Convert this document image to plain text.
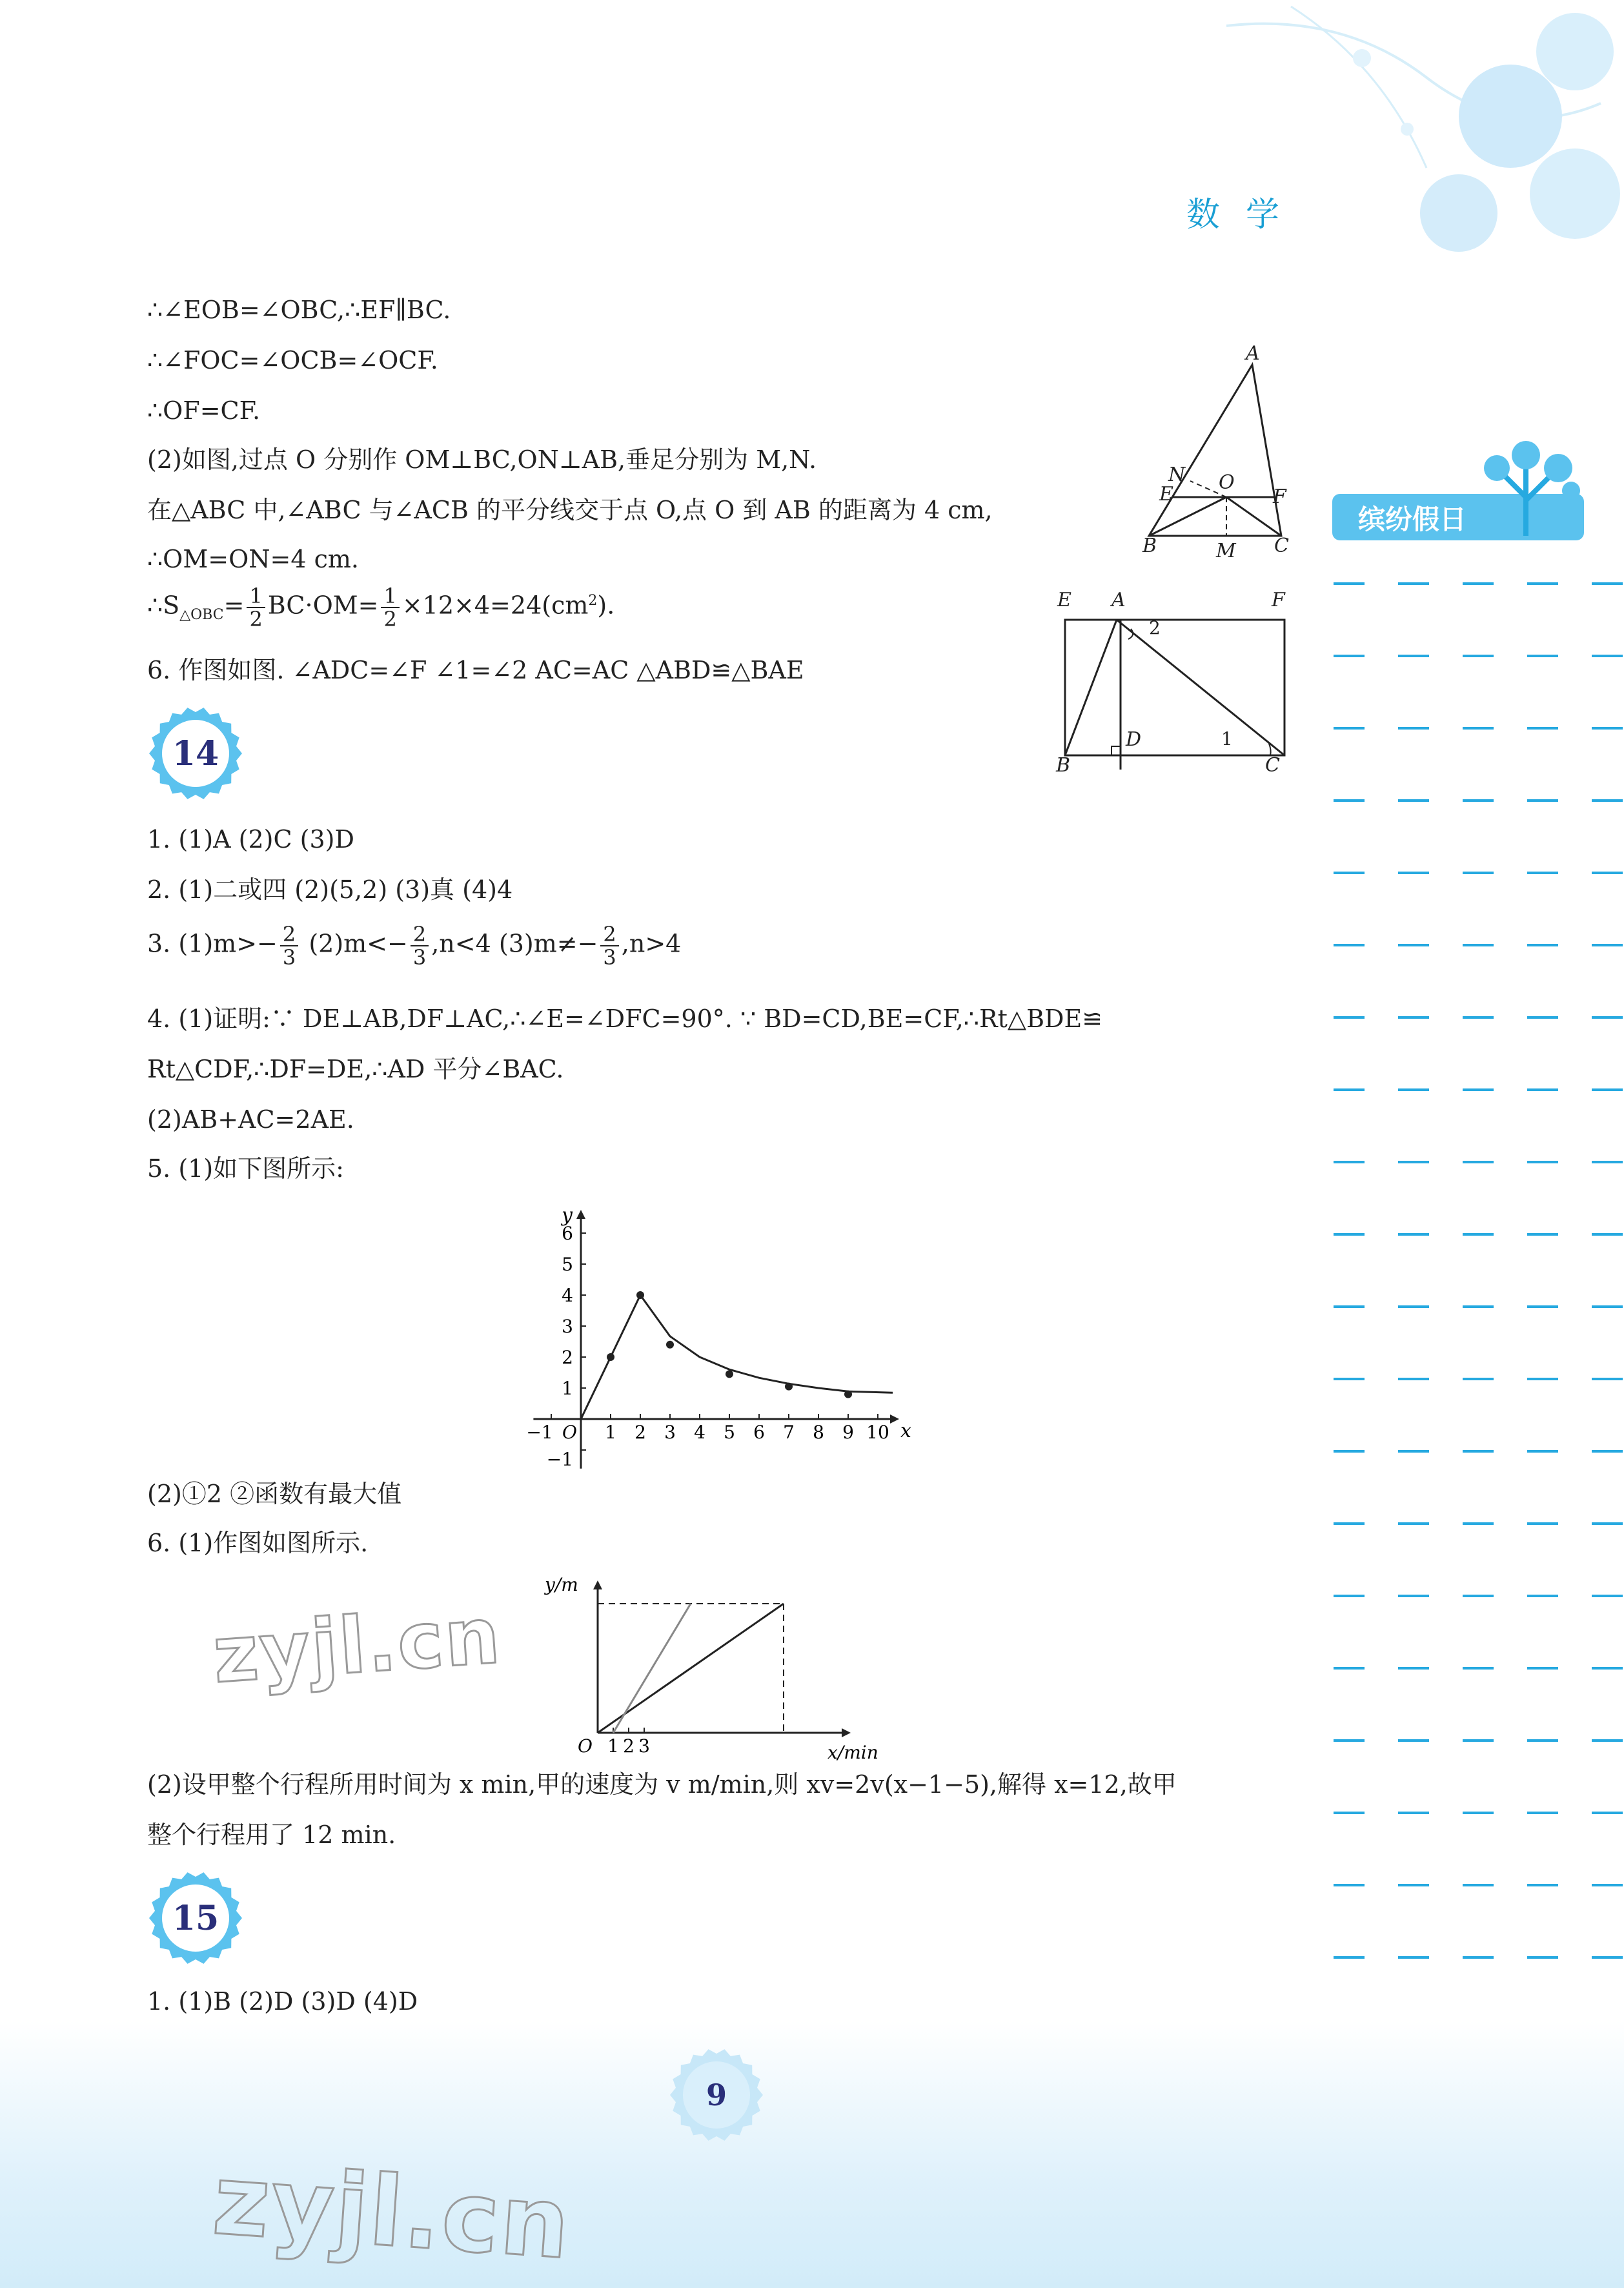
数学
缤纷假日
∴∠EOB=∠OBC,∴EF∥BC.
∴∠FOC=∠OCB=∠OCF.
∴OF=CF.
(2)如图,过点 O 分别作 OM⊥BC,ON⊥AB,垂足分别为 M,N.
在△ABC 中,∠ABC 与∠ACB 的平分线交于点 O,点 O 到 AB 的距离为 4 cm,
∴OM=ON=4 cm.
$\therefore S_{\triangle OBC}= \frac{1}{2} BC\cdot OM= \frac{1}{2} \times 12\times 4=24(cm^2)$.
6. 作图如图. ∠ADC=∠F ∠1=∠2 AC=AC △ABD≌△BAE
A
N O
E	F
B	M C
E A	F
2
D	1
B	C
14
1. (1)A (2)C (3)D
2. (1)二或四 (2)(5,2) (3)真 (4)4
3. $(1)m>- \frac{2}{3} (2)m<- \frac{2}{3} ,n<4$ $(3)m\ne- \frac{2}{3} ,n>4$
4. (1)证明:∵ DE⊥AB,DF⊥AC,∴∠E=∠DFC=90°. ∵ BD=CD,BE=CF,∴Rt△BDE≌
Rt△CDF,∴DF=DE,∴AD 平分∠BAC.
(2)AB+AC=2AE.
5. (1)如下图所示:
−1	1 2 3 4 5 6 7 8 9 10
−1
1
2
3
4
5
6
O	x
y
(2)①2 ②函数有最大值
6. (1)作图如图所示.
1 2 3
O	x/min
y/m
(2)设甲整个行程所用时间为 x min,甲的速度为 v m/min,则 xv=2v(x−1−5),解得 x=12,故甲
整个行程用了 12 min.
15
1. (1)B (2)D (3)D (4)D
9
zyjl.cn
zyjl.cn
